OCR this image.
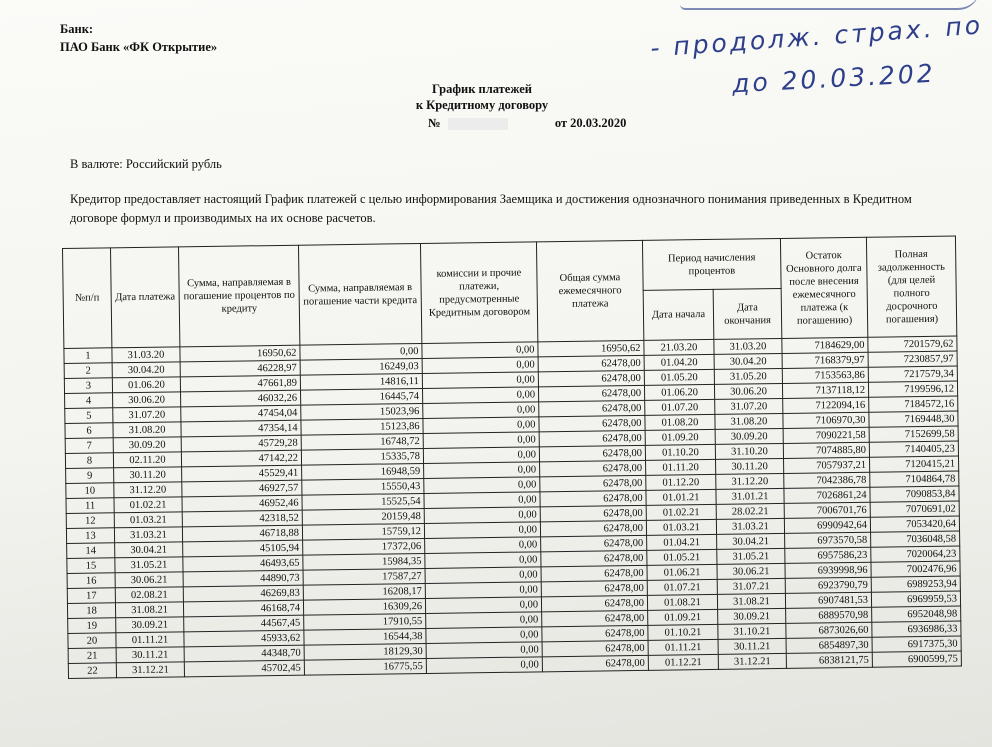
Банк:
ПАО Банк «ФК Открытие»	- продолж. страх. по
до 20.03.202
График платежей
к Кредитному договору
№	от 20.03.2020
В валюте: Российский рубль
Кредитор предоставляет настоящий График платежей с целью информирования Заемщика и достижения однозначного понимания приведенных в Кредитном договоре формул и производимых на их основе расчетов.
№п/п	Дата платежа	Сумма, направляемая в погашение процентов по кредиту	Сумма, направляемая в погашение части кредита	комиссии и прочие платежи, предусмотренные Кредитным договором	Общая сумма ежемесячного платежа	Период начисления процентов		Остаток Основного долга после внесения ежемесячного платежа (к погашению)	Полная задолженность (для целей полного досрочного погашения)
						Дата начала	Дата окончания		
1	31.03.20	16950,62	0,00	0,00	16950,62	21.03.20	31.03.20	7184629,00	7201579,62
2	30.04.20	46228,97	16249,03	0,00	62478,00	01.04.20	30.04.20	7168379,97	7230857,97
3	01.06.20	47661,89	14816,11	0,00	62478,00	01.05.20	31.05.20	7153563,86	7217579,34
4	30.06.20	46032,26	16445,74	0,00	62478,00	01.06.20	30.06.20	7137118,12	7199596,12
5	31.07.20	47454,04	15023,96	0,00	62478,00	01.07.20	31.07.20	7122094,16	7184572,16
6	31.08.20	47354,14	15123,86	0,00	62478,00	01.08.20	31.08.20	7106970,30	7169448,30
7	30.09.20	45729,28	16748,72	0,00	62478,00	01.09.20	30.09.20	7090221,58	7152699,58
8	02.11.20	47142,22	15335,78	0,00	62478,00	01.10.20	31.10.20	7074885,80	7140405,23
9	30.11.20	45529,41	16948,59	0,00	62478,00	01.11.20	30.11.20	7057937,21	7120415,21
10	31.12.20	46927,57	15550,43	0,00	62478,00	01.12.20	31.12.20	7042386,78	7104864,78
11	01.02.21	46952,46	15525,54	0,00	62478,00	01.01.21	31.01.21	7026861,24	7090853,84
12	01.03.21	42318,52	20159,48	0,00	62478,00	01.02.21	28.02.21	7006701,76	7070691,02
13	31.03.21	46718,88	15759,12	0,00	62478,00	01.03.21	31.03.21	6990942,64	7053420,64
14	30.04.21	45105,94	17372,06	0,00	62478,00	01.04.21	30.04.21	6973570,58	7036048,58
15	31.05.21	46493,65	15984,35	0,00	62478,00	01.05.21	31.05.21	6957586,23	7020064,23
16	30.06.21	44890,73	17587,27	0,00	62478,00	01.06.21	30.06.21	6939998,96	7002476,96
17	02.08.21	46269,83	16208,17	0,00	62478,00	01.07.21	31.07.21	6923790,79	6989253,94
18	31.08.21	46168,74	16309,26	0,00	62478,00	01.08.21	31.08.21	6907481,53	6969959,53
19	30.09.21	44567,45	17910,55	0,00	62478,00	01.09.21	30.09.21	6889570,98	6952048,98
20	01.11.21	45933,62	16544,38	0,00	62478,00	01.10.21	31.10.21	6873026,60	6936986,33
21	30.11.21	44348,70	18129,30	0,00	62478,00	01.11.21	30.11.21	6854897,30	6917375,30
22	31.12.21	45702,45	16775,55	0,00	62478,00	01.12.21	31.12.21	6838121,75	6900599,75
